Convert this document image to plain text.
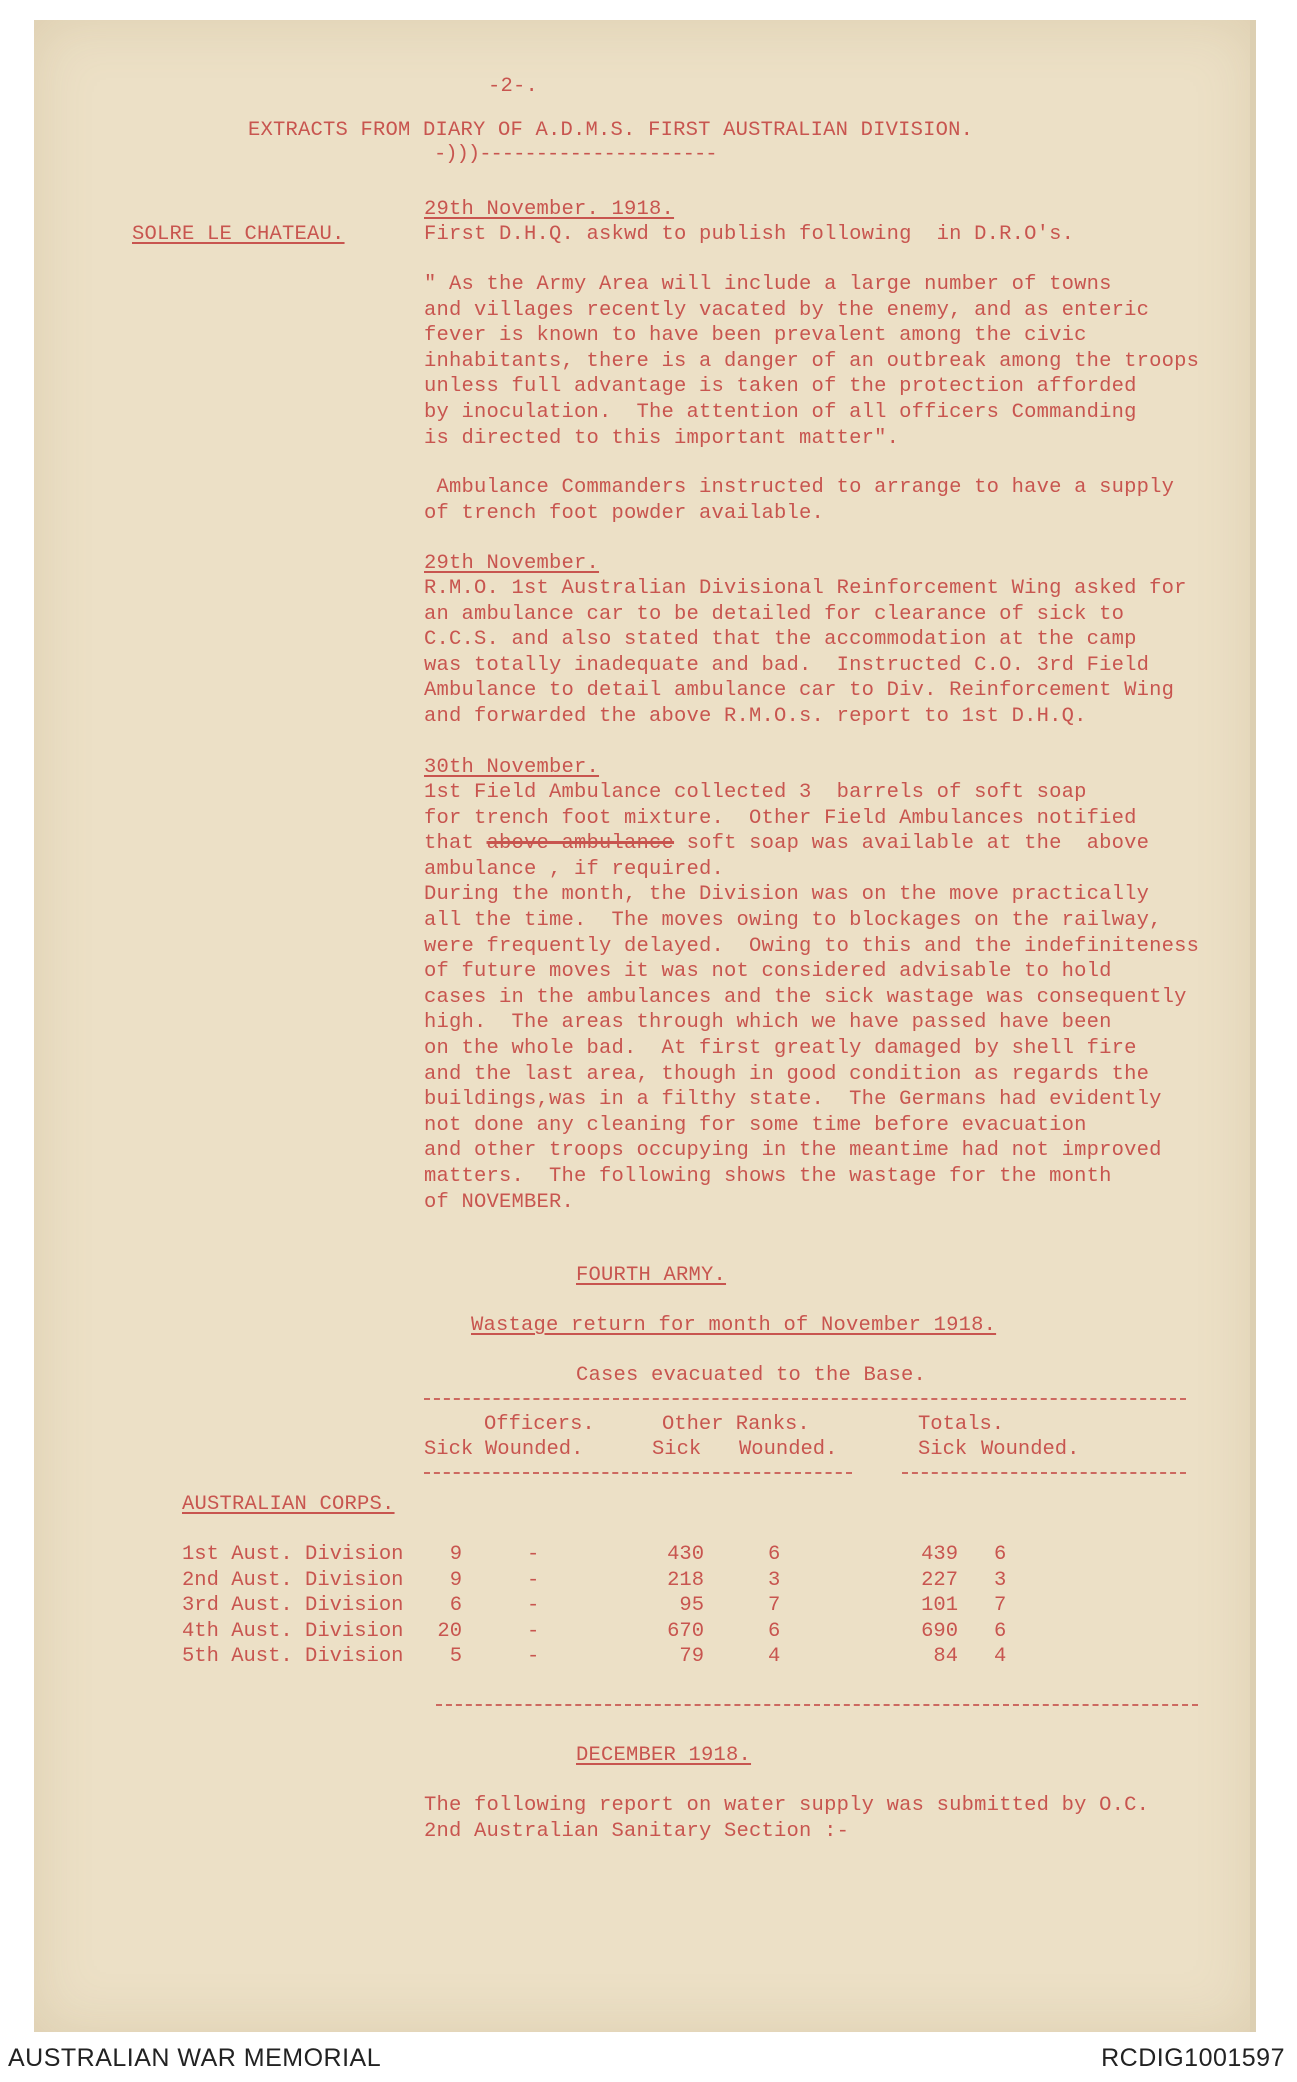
-2-.
EXTRACTS FROM DIARY OF A.D.M.S. FIRST AUSTRALIAN DIVISION.
-)))---------------------
SOLRE LE CHATEAU.
29th November. 1918.
First D.H.Q. askwd to publish following  in D.R.O's.
" As the Army Area will include a large number of towns
and villages recently vacated by the enemy, and as enteric
fever is known to have been prevalent among the civic
inhabitants, there is a danger of an outbreak among the troops
unless full advantage is taken of the protection afforded
by inoculation.  The attention of all officers Commanding
is directed to this important matter".
Ambulance Commanders instructed to arrange to have a supply
of trench foot powder available.
29th November.
R.M.O. 1st Australian Divisional Reinforcement Wing asked for
an ambulance car to be detailed for clearance of sick to
C.C.S. and also stated that the accommodation at the camp
was totally inadequate and bad.  Instructed C.O. 3rd Field
Ambulance to detail ambulance car to Div. Reinforcement Wing
and forwarded the above R.M.O.s. report to 1st D.H.Q.
30th November.
1st Field Ambulance collected 3  barrels of soft soap
for trench foot mixture.  Other Field Ambulances notified
that above ambulance soft soap was available at the  above
ambulance , if required.
During the month, the Division was on the move practically
all the time.  The moves owing to blockages on the railway,
were frequently delayed.  Owing to this and the indefiniteness
of future moves it was not considered advisable to hold
cases in the ambulances and the sick wastage was consequently
high.  The areas through which we have passed have been
on the whole bad.  At first greatly damaged by shell fire
and the last area, though in good condition as regards the
buildings,was in a filthy state.  The Germans had evidently
not done any cleaning for some time before evacuation
and other troops occupying in the meantime had not improved
matters.  The following shows the wastage for the month
of NOVEMBER.
FOURTH ARMY.
Wastage return for month of November 1918.
Cases evacuated to the Base.
Officers.	Other Ranks.	Totals.
Sick Wounded.	Sick Wounded.	Sick Wounded.
AUSTRALIAN CORPS.
1st Aust. Division	9	-	430	6	439 6
2nd Aust. Division	9	-	218	3	227 3
3rd Aust. Division	6	-	95	7	101 7
4th Aust. Division	20	-	670	6	690 6
5th Aust. Division	5	-	79	4	84 4
DECEMBER 1918.
The following report on water supply was submitted by O.C.
2nd Australian Sanitary Section :-
AUSTRALIAN WAR MEMORIAL	RCDIG1001597
